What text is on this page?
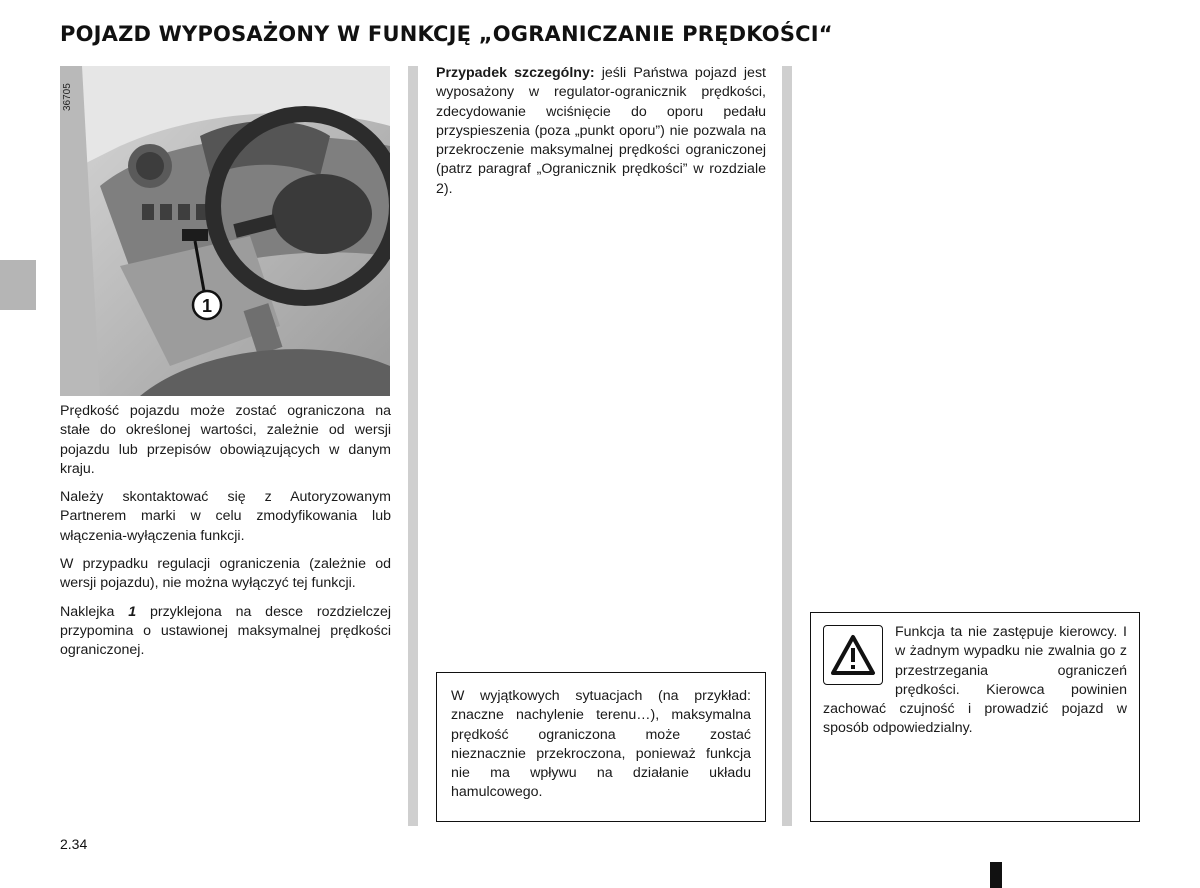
POJAZD WYPOSAŻONY W FUNKCJĘ „OGRANICZANIE PRĘDKOŚCI“
1
36705

Prędkość pojazdu może zostać ograniczona na stałe do określonej wartości, zależnie od wersji pojazdu lub przepisów obowiązujących w danym kraju.

Należy skontaktować się z Autoryzowanym Partnerem marki w celu zmodyfikowania lub włączenia-wyłączenia funkcji.

W przypadku regulacji ograniczenia (zależnie od wersji pojazdu), nie można wyłączyć tej funkcji.

Naklejka 1 przyklejona na desce rozdzielczej przypomina o ustawionej maksymalnej prędkości ograniczonej.

Przypadek szczególny: jeśli Państwa pojazd jest wyposażony w regulator-ogranicznik prędkości, zdecydowanie wciśnięcie do oporu pedału przyspieszenia (poza „punkt oporu”) nie pozwala na przekroczenie maksymalnej prędkości ograniczonej (patrz paragraf „Ogranicznik prędkości” w rozdziale 2).

W wyjątkowych sytuacjach (na przykład: znaczne nachylenie terenu…), maksymalna prędkość ograniczona może zostać nieznacznie przekroczona, ponieważ funkcja nie ma wpływu na działanie układu hamulcowego.

Funkcja ta nie zastępuje kierowcy. I w żadnym wypadku nie zwalnia go z przestrzegania ograniczeń prędkości. Kierowca powinien zachować czujność i prowadzić pojazd w sposób odpowiedzialny.

2.34
